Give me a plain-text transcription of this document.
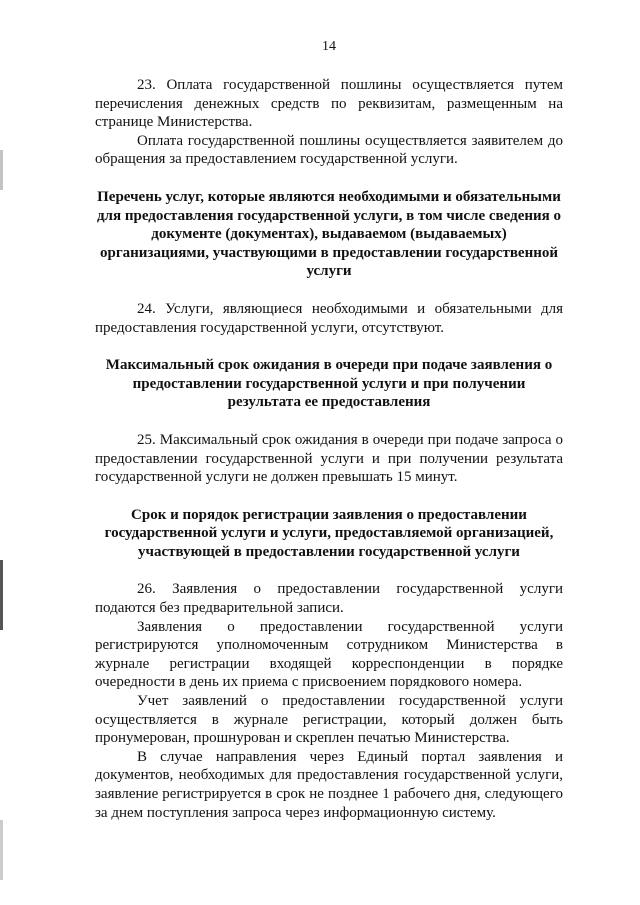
14

23. Оплата государственной пошлины осуществляется путем перечисления денежных средств по реквизитам, размещенным на странице Министерства.

Оплата государственной пошлины осуществляется заявителем до обращения за предоставлением государственной услуги.

Перечень услуг, которые являются необходимыми и обязательными для предоставления государственной услуги, в том числе сведения о документе (документах), выдаваемом (выдаваемых) организациями, участвующими в предоставлении государственной услуги

24. Услуги, являющиеся необходимыми и обязательными для предоставления государственной услуги, отсутствуют.

Максимальный срок ожидания в очереди при подаче заявления о предоставлении государственной услуги и при получении результата ее предоставления

25. Максимальный срок ожидания в очереди при подаче запроса о предоставлении государственной услуги и при получении результата государственной услуги не должен превышать 15 минут.

Срок и порядок регистрации заявления о предоставлении государственной услуги и услуги, предоставляемой организацией, участвующей в предоставлении государственной услуги

26. Заявления о предоставлении государственной услуги подаются без предварительной записи.

Заявления о предоставлении государственной услуги регистрируются уполномоченным сотрудником Министерства в журнале регистрации входящей корреспонденции в порядке очередности в день их приема с присвоением порядкового номера.

Учет заявлений о предоставлении государственной услуги осуществляется в журнале регистрации, который должен быть пронумерован, прошнурован и скреплен печатью Министерства.

В случае направления через Единый портал заявления и документов, необходимых для предоставления государственной услуги, заявление регистрируется в срок не позднее 1 рабочего дня, следующего за днем поступления запроса через информационную систему.
